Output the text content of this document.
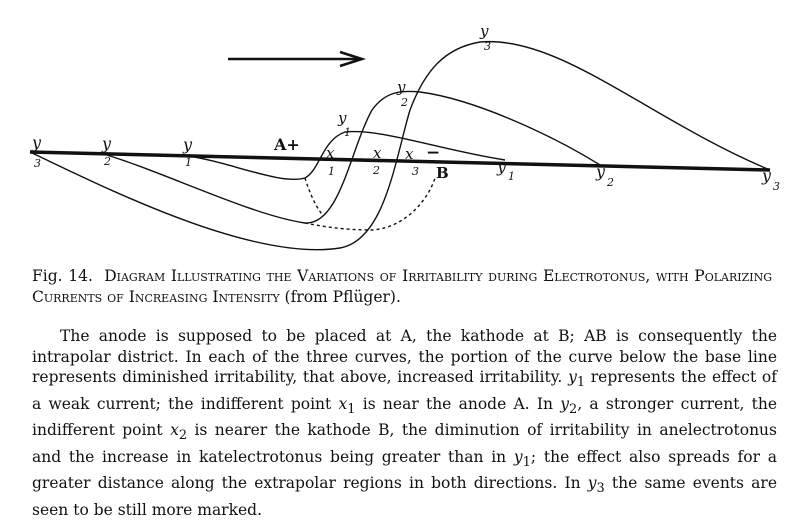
y
3
y
2
y
1
A+ x
1
x
2
x
3
−
B
y
1
y
2
y
3
y
1	y
2	y
3
Fig. 14. Diagram Illustrating the Variations of Irritability during Electrotonus, with Polarizing Currents of Increasing Intensity (from Pflüger).
The anode is supposed to be placed at A, the kathode at B; AB is consequently the intrapolar district. In each of the three curves, the portion of the curve below the base line represents diminished irritability, that above, increased irritability. $y_1$ represents the effect of a weak current; the indifferent point $x_1$ is near the anode A. In $y_2$, a stronger current, the indifferent point $x_2$ is nearer the kathode B, the diminution of irritability in anelectrotonus and the increase in katelectrotonus being greater than in $y_1$; the effect also spreads for a greater distance along the extrapolar regions in both directions. In $y_3$ the same events are seen to be still more marked.
